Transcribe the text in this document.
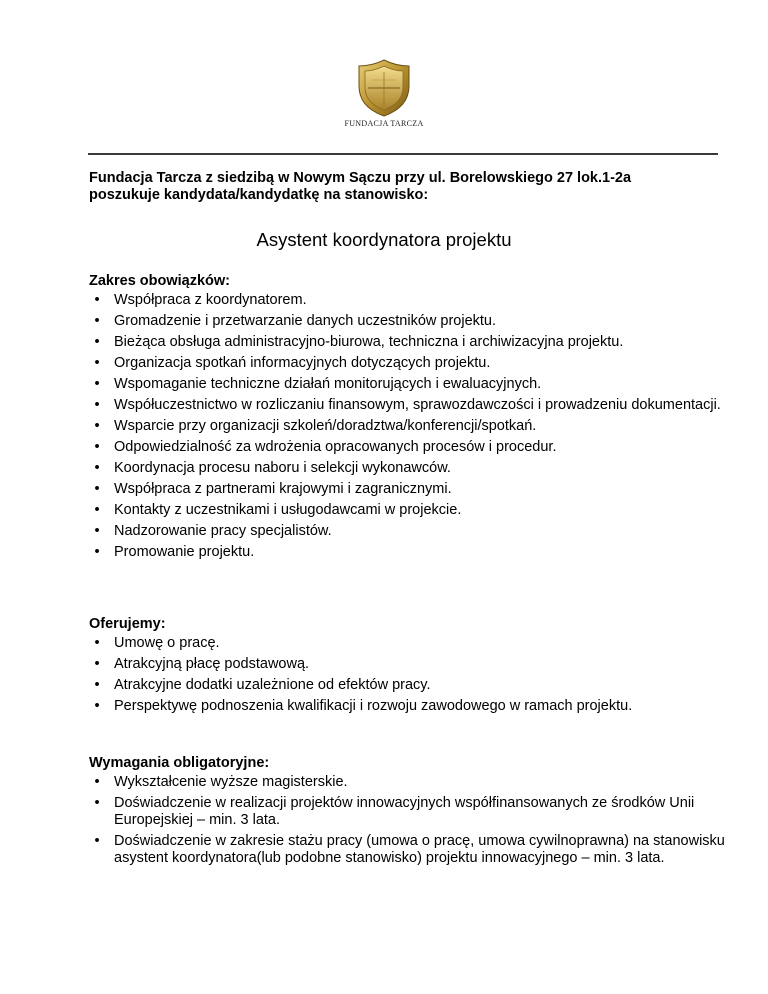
FUNDACJA TARCZA
Fundacja Tarcza z siedzibą w Nowym Sączu przy ul. Borelowskiego 27 lok.1-2a
poszukuje kandydata/kandydatkę na stanowisko:
Asystent koordynatora projektu
Zakres obowiązków:
• Współpraca z koordynatorem.
• Gromadzenie i przetwarzanie danych uczestników projektu.
• Bieżąca obsługa administracyjno-biurowa, techniczna i archiwizacyjna projektu.
• Organizacja spotkań informacyjnych dotyczących projektu.
• Wspomaganie techniczne działań monitorujących i ewaluacyjnych.
• Współuczestnictwo w rozliczaniu finansowym, sprawozdawczości i prowadzeniu dokumentacji.
• Wsparcie przy organizacji szkoleń/doradztwa/konferencji/spotkań.
• Odpowiedzialność za wdrożenia opracowanych procesów i procedur.
• Koordynacja procesu naboru i selekcji wykonawców.
• Współpraca z partnerami krajowymi i zagranicznymi.
• Kontakty z uczestnikami i usługodawcami w projekcie.
• Nadzorowanie pracy specjalistów.
• Promowanie projektu.
Oferujemy:
• Umowę o pracę.
• Atrakcyjną płacę podstawową.
• Atrakcyjne dodatki uzależnione od efektów pracy.
• Perspektywę podnoszenia kwalifikacji i rozwoju zawodowego w ramach projektu.
Wymagania obligatoryjne:
• Wykształcenie wyższe magisterskie.
• Doświadczenie w realizacji projektów innowacyjnych współfinansowanych ze środków Unii Europejskiej – min. 3 lata.
• Doświadczenie w zakresie stażu pracy (umowa o pracę, umowa cywilnoprawna) na stanowisku asystent koordynatora(lub podobne stanowisko) projektu innowacyjnego – min. 3 lata.
